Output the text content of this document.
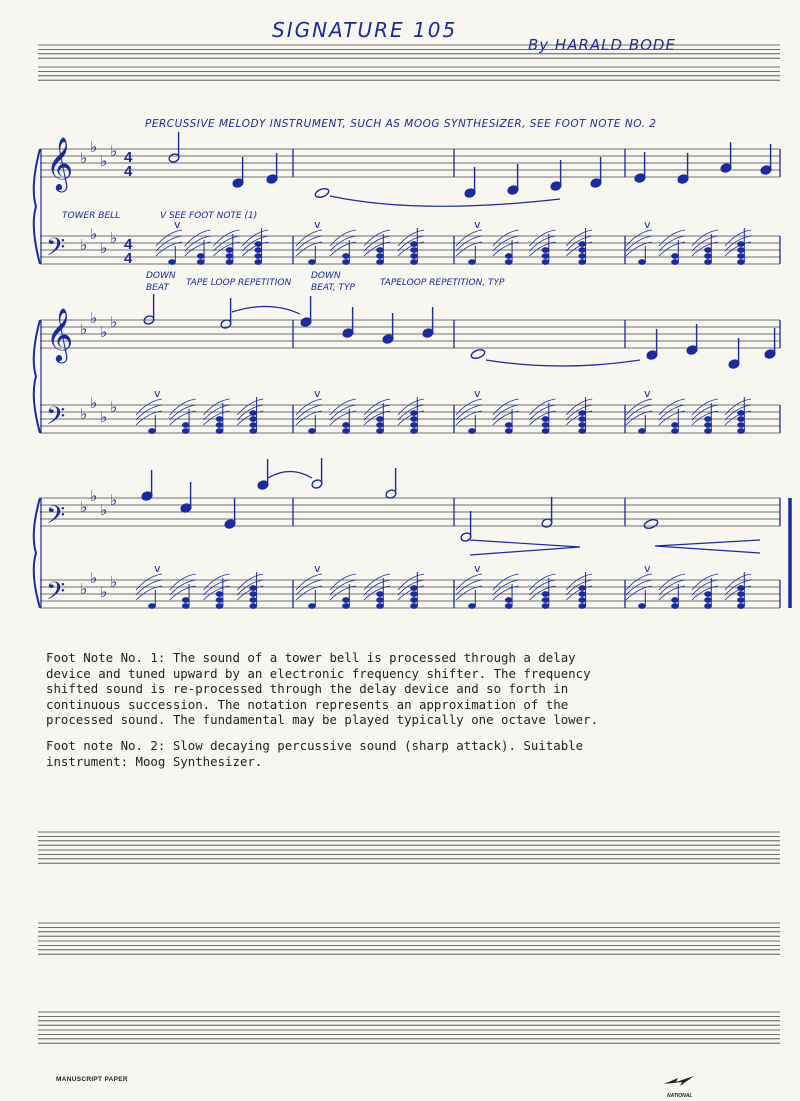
SIGNATURE 105
By HARALD BODE
PERCUSSIVE MELODY INSTRUMENT, SUCH AS MOOG SYNTHESIZER, SEE FOOT NOTE NO. 2
TOWER BELL	V SEE FOOT NOTE (1)
DOWN
BEAT	TAPE LOOP REPETITION
DOWN
BEAT, TYP	TAPELOOP REPETITION, TYP
𝄞
𝄢
♭
♭
♭
♭
♭
♭
♭
♭
4
4
4
4
v	v	v	v
𝄞
𝄢
♭
♭
♭
♭
♭
♭
♭
♭
v	v	v	v
𝄢
𝄢
♭
♭
♭
♭
♭
♭
♭
♭
v	v	v	v
Foot Note No. 1: The sound of a tower bell is processed through a delay
device and tuned upward by an electronic frequency shifter. The frequency
shifted sound is re-processed through the delay device and so forth in
continuous succession. The notation represents an approximation of the
processed sound. The fundamental may be played typically one octave lower.
Foot note No. 2: Slow decaying percussive sound (sharp attack). Suitable
instrument: Moog Synthesizer.
MANUSCRIPT PAPER
NATIONAL
